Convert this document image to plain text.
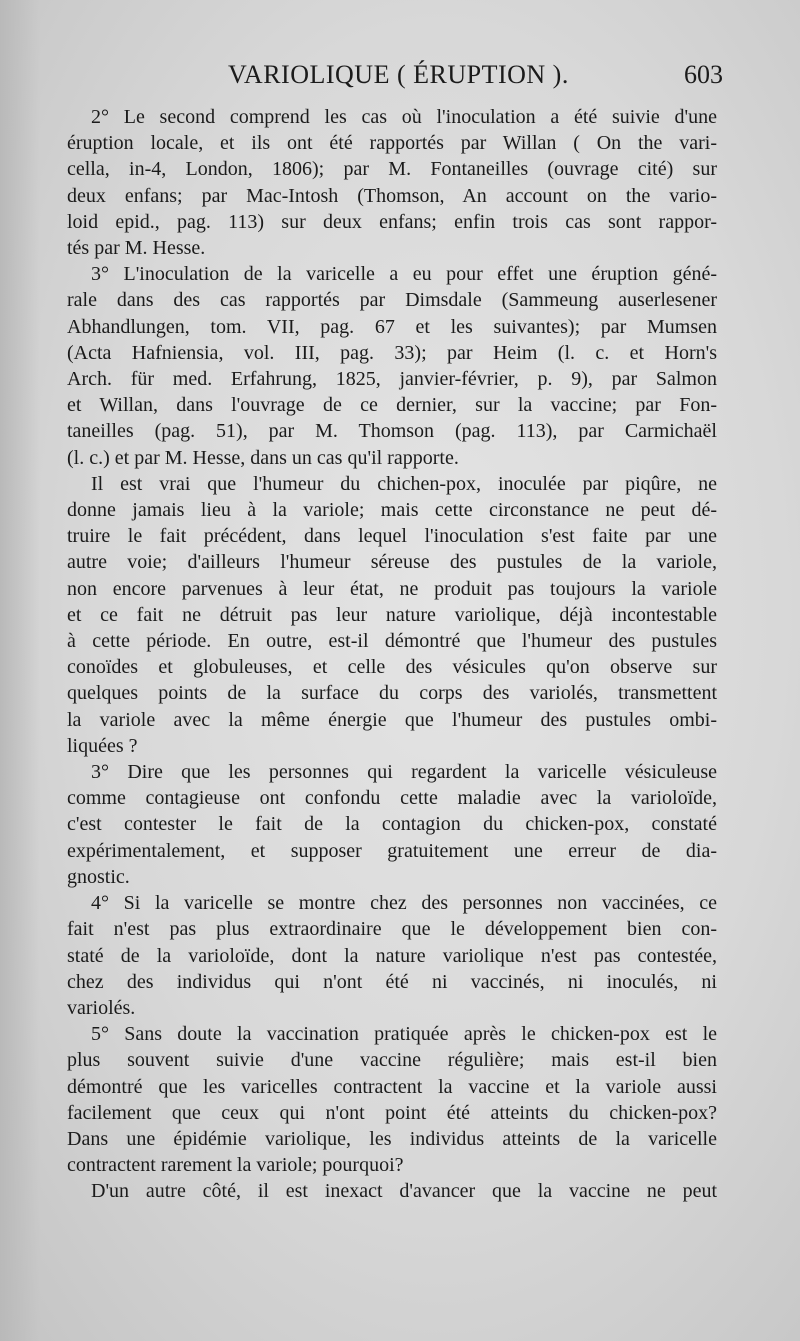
VARIOLIQUE ( ÉRUPTION ).	603

2° Le second comprend les cas où l'inoculation a été suivie d'une
éruption locale, et ils ont été rapportés par Willan ( On the vari-
cella, in-4, London, 1806); par M. Fontaneilles (ouvrage cité) sur
deux enfans; par Mac-Intosh (Thomson, An account on the vario-
loid epid., pag. 113) sur deux enfans; enfin trois cas sont rappor-
tés par M. Hesse.

3° L'inoculation de la varicelle a eu pour effet une éruption géné-
rale dans des cas rapportés par Dimsdale (Sammeung auserlesener
Abhandlungen, tom. VII, pag. 67 et les suivantes); par Mumsen
(Acta Hafniensia, vol. III, pag. 33); par Heim (l. c. et Horn's
Arch. für med. Erfahrung, 1825, janvier-février, p. 9), par Salmon
et Willan, dans l'ouvrage de ce dernier, sur la vaccine; par Fon-
taneilles (pag. 51), par M. Thomson (pag. 113), par Carmichaël
(l. c.) et par M. Hesse, dans un cas qu'il rapporte.

Il est vrai que l'humeur du chichen-pox, inoculée par piqûre, ne
donne jamais lieu à la variole; mais cette circonstance ne peut dé-
truire le fait précédent, dans lequel l'inoculation s'est faite par une
autre voie; d'ailleurs l'humeur séreuse des pustules de la variole,
non encore parvenues à leur état, ne produit pas toujours la variole
et ce fait ne détruit pas leur nature variolique, déjà incontestable
à cette période. En outre, est-il démontré que l'humeur des pustules
conoïdes et globuleuses, et celle des vésicules qu'on observe sur
quelques points de la surface du corps des variolés, transmettent
la variole avec la même énergie que l'humeur des pustules ombi-
liquées ?

3° Dire que les personnes qui regardent la varicelle vésiculeuse
comme contagieuse ont confondu cette maladie avec la varioloïde,
c'est contester le fait de la contagion du chicken-pox, constaté
expérimentalement, et supposer gratuitement une erreur de dia-
gnostic.

4° Si la varicelle se montre chez des personnes non vaccinées, ce
fait n'est pas plus extraordinaire que le développement bien con-
staté de la varioloïde, dont la nature variolique n'est pas contestée,
chez des individus qui n'ont été ni vaccinés, ni inoculés, ni
variolés.

5° Sans doute la vaccination pratiquée après le chicken-pox est le
plus souvent suivie d'une vaccine régulière; mais est-il bien
démontré que les varicelles contractent la vaccine et la variole aussi
facilement que ceux qui n'ont point été atteints du chicken-pox?
Dans une épidémie variolique, les individus atteints de la varicelle
contractent rarement la variole; pourquoi?

D'un autre côté, il est inexact d'avancer que la vaccine ne peut
